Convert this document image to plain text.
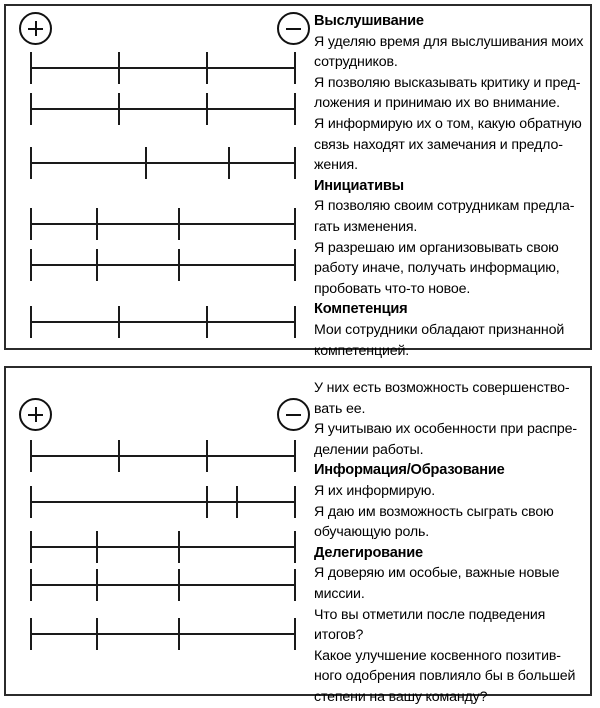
Выслушивание
Я уделяю время для выслушивания моих
сотрудников.
Я позволяю высказывать критику и пред-
ложения и принимаю их во внимание.
Я информирую их о том, какую обратную
связь находят их замечания и предло-
жения.
Инициативы
Я позволяю своим сотрудникам предла-
гать изменения.
Я разрешаю им организовывать свою
работу иначе, получать информацию,
пробовать что-то новое.
Компетенция
Мои сотрудники обладают признанной
компетенцией.
У них есть возможность совершенство-
вать ее.
Я учитываю их особенности при распре-
делении работы.
Информация/Образование
Я их информирую.
Я даю им возможность сыграть свою
обучающую роль.
Делегирование
Я доверяю им особые, важные новые
миссии.
Что вы отметили после подведения
итогов?
Какое улучшение косвенного позитив-
ного одобрения повлияло бы в большей
степени на вашу команду?
